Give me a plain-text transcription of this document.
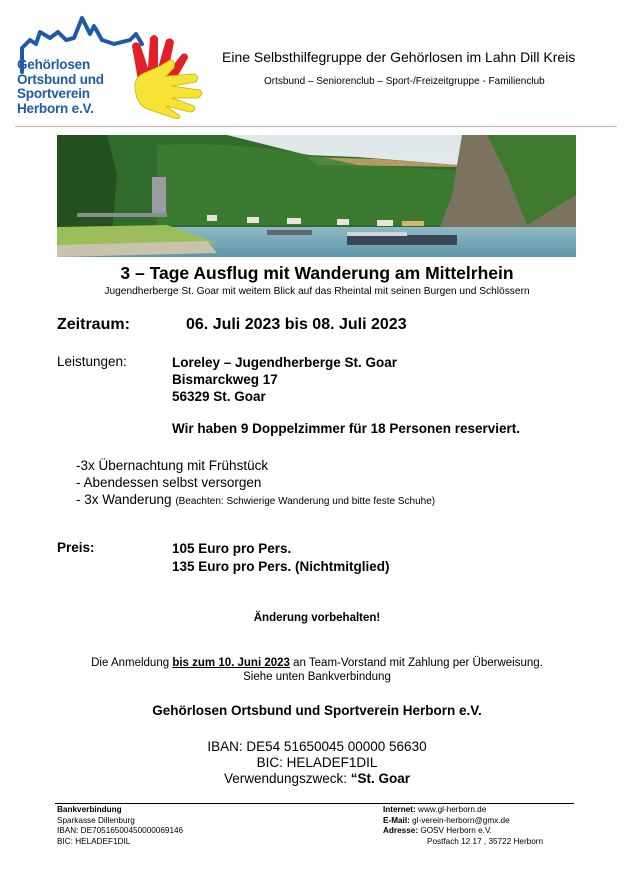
Gehörlosen
Ortsbund und
Sportverein
Herborn e.V.
Eine Selbsthilfegruppe der Gehörlosen im Lahn Dill Kreis
Ortsbund – Seniorenclub – Sport-/Freizeitgruppe - Familienclub
3 – Tage Ausflug mit Wanderung am Mittelrhein
Jugendherberge St. Goar mit weitem Blick auf das Rheintal mit seinen Burgen und Schlössern
Zeitraum:	06. Juli 2023 bis 08. Juli 2023
Leistungen:	Loreley – Jugendherberge St. Goar
Bismarckweg 17
56329 St. Goar
Wir haben 9 Doppelzimmer für 18 Personen reserviert.
-3x Übernachtung mit Frühstück
- Abendessen selbst versorgen
- 3x Wanderung (Beachten: Schwierige Wanderung und bitte feste Schuhe)
Preis:	105 Euro pro Pers.
135 Euro pro Pers. (Nichtmitglied)
Änderung vorbehalten!
Die Anmeldung bis zum 10. Juni 2023 an Team-Vorstand mit Zahlung per Überweisung.
Siehe unten Bankverbindung
Gehörlosen Ortsbund und Sportverein Herborn e.V.
IBAN: DE54 51650045 00000 56630
BIC: HELADEF1DIL
Verwendungszweck: “St. Goar
Bankverbindung
Sparkasse Dillenburg
IBAN: DE70516500450000069146
BIC: HELADEF1DIL
Internet: www.gl-herborn.de
E-Mail: gl-verein-herborn@gmx.de
Adresse: GOSV Herborn e.V.
Postfach 12 17 , 35722 Herborn
